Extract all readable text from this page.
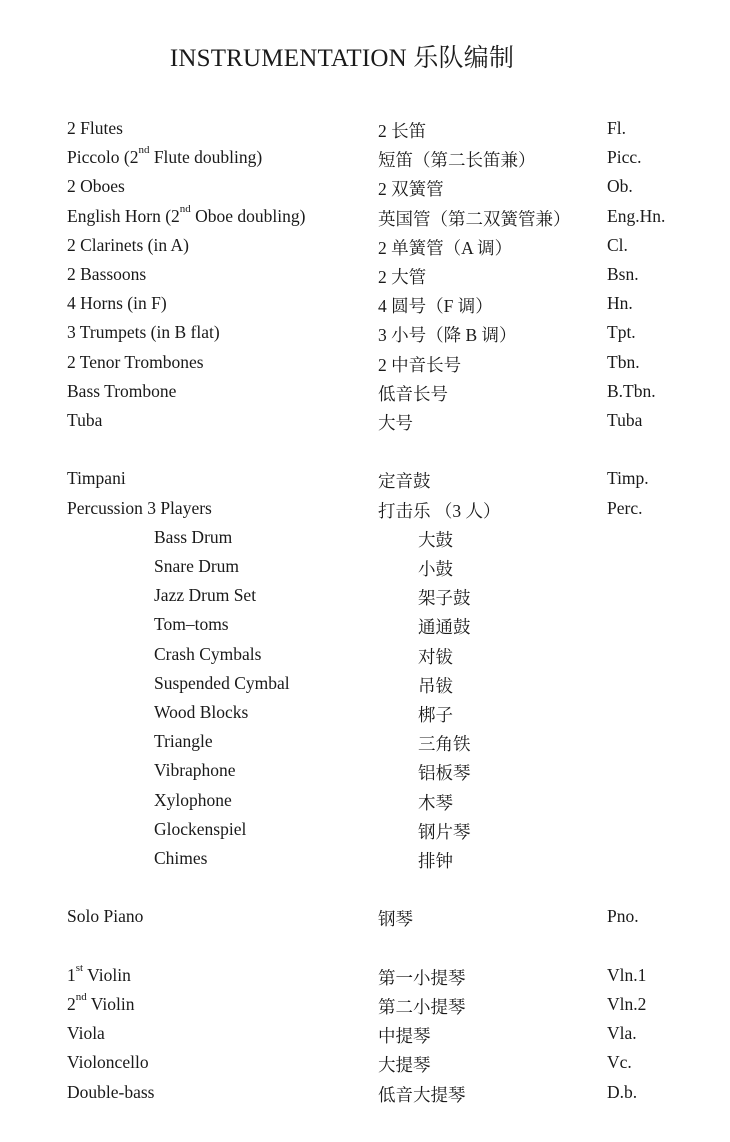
INSTRUMENTATION 乐队编制
2 Flutes	2 长笛	Fl.
Piccolo (2nd Flute doubling)	短笛（第二长笛兼）	Picc.
2 Oboes	2 双簧管	Ob.
English Horn (2nd Oboe doubling)	英国管（第二双簧管兼） Eng.Hn.
2 Clarinets (in A)	2 单簧管（A 调）	Cl.
2 Bassoons	2 大管	Bsn.
4 Horns (in F)	4 圆号（F 调）	Hn.
3 Trumpets (in B flat)	3 小号（降 B 调）	Tpt.
2 Tenor Trombones	2 中音长号	Tbn.
Bass Trombone	低音长号	B.Tbn.
Tuba	大号	Tuba
Timpani	定音鼓	Timp.
Percussion 3 Players	打击乐 （3 人）	Perc.
Bass Drum	大鼓
Snare Drum	小鼓
Jazz Drum Set	架子鼓
Tom–toms	通通鼓
Crash Cymbals	对钹
Suspended Cymbal	吊钹
Wood Blocks	梆子
Triangle	三角铁
Vibraphone	铝板琴
Xylophone	木琴
Glockenspiel	钢片琴
Chimes	排钟
Solo Piano	钢琴	Pno.
1st Violin	第一小提琴	Vln.1
2nd Violin	第二小提琴	Vln.2
Viola	中提琴	Vla.
Violoncello	大提琴	Vc.
Double-bass	低音大提琴	D.b.
